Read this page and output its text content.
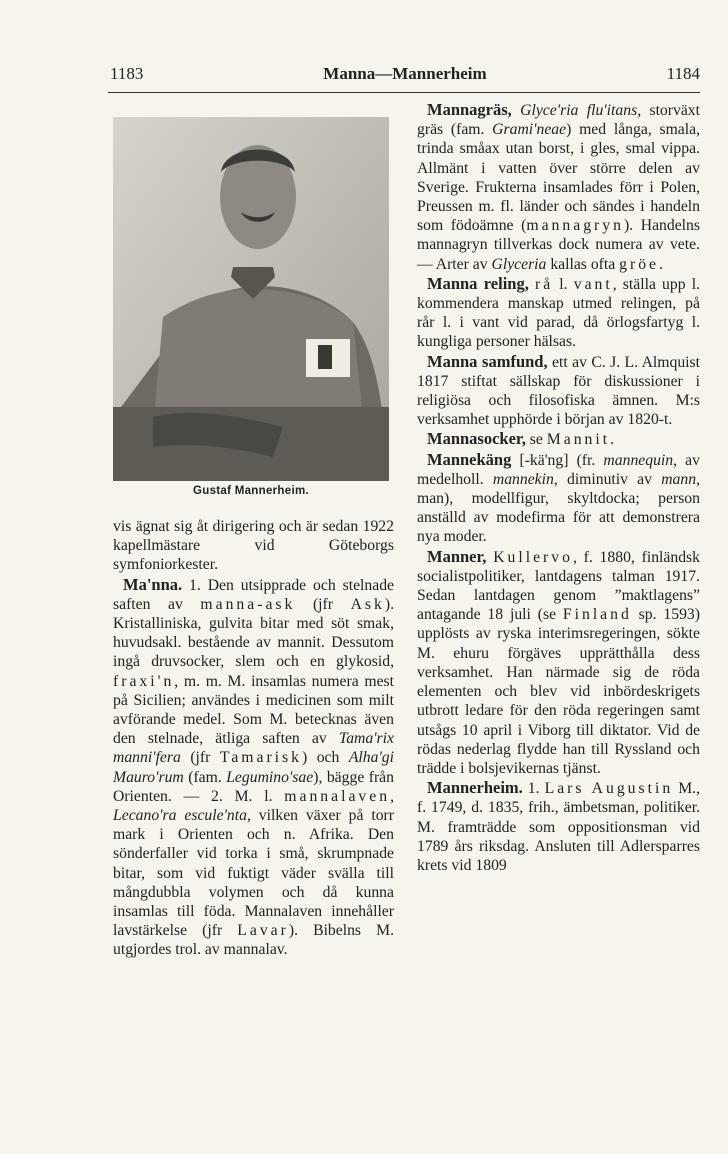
1183	Manna—Mannerheim	1184
Gustaf Mannerheim.

vis ägnat sig åt dirigering och är sedan 1922 kapellmästare vid Göteborgs symfoniorkester.

Ma'nna. 1. Den utsipprade och stelnade saften av manna-ask (jfr Ask). Kristalliniska, gulvita bitar med söt smak, huvudsakl. bestående av mannit. Dessutom ingå druvsocker, slem och en glykosid, fraxi'n, m. m. M. insamlas numera mest på Sicilien; användes i medicinen som milt avförande medel. Som M. betecknas även den stelnade, ätliga saften av Tama'rix manni'fera (jfr Tamarisk) och Alha'gi Mauro'rum (fam. Legumino'sae), bägge från Orienten. — 2. M. l. mannalaven, Lecano'ra escule'nta, vilken växer på torr mark i Orienten och n. Afrika. Den sönderfaller vid torka i små, skrumpnade bitar, som vid fuktigt väder svälla till mångdubbla volymen och då kunna insamlas till föda. Mannalaven innehåller lavstärkelse (jfr Lavar). Bibelns M. utgjordes trol. av mannalav.

Mannagräs, Glyce'ria flu'itans, storväxt gräs (fam. Grami'neae) med långa, smala, trinda småax utan borst, i gles, smal vippa. Allmänt i vatten över större delen av Sverige. Frukterna insamlades förr i Polen, Preussen m. fl. länder och sändes i handeln som födoämne (mannagryn). Handelns mannagryn tillverkas dock numera av vete. — Arter av Glyceria kallas ofta gröe.

Manna reling, rå l. vant, ställa upp l. kommendera manskap utmed relingen, på rår l. i vant vid parad, då örlogsfartyg l. kungliga personer hälsas.

Manna samfund, ett av C. J. L. Almquist 1817 stiftat sällskap för diskussioner i religiösa och filosofiska ämnen. M:s verksamhet upphörde i början av 1820-t.

Mannasocker, se Mannit.

Mannekäng [-kä'ng] (fr. mannequin, av medelholl. mannekin, diminutiv av mann, man), modellfigur, skyltdocka; person anställd av modefirma för att demonstrera nya moder.

Manner, Kullervo, f. 1880, finländsk socialistpolitiker, lantdagens talman 1917. Sedan lantdagen genom ”maktlagens” antagande 18 juli (se Finland sp. 1593) upplösts av ryska interimsregeringen, sökte M. ehuru förgäves upprätthålla dess verksamhet. Han närmade sig de röda elementen och blev vid inbördeskrigets utbrott ledare för den röda regeringen samt utsågs 10 april i Viborg till diktator. Vid de rödas nederlag flydde han till Ryssland och trädde i bolsjevikernas tjänst.

Mannerheim. 1. Lars Augustin M., f. 1749, d. 1835, frih., ämbetsman, politiker. M. framträdde som oppositionsman vid 1789 års riksdag. Ansluten till Adlersparres krets vid 1809
